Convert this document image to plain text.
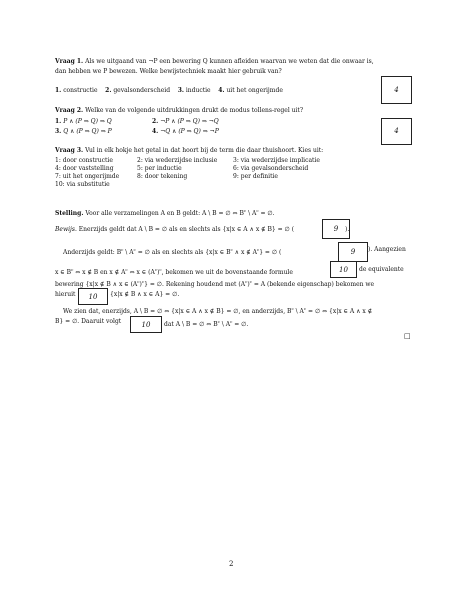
Vraag 1. Als we uitgaand van ¬P een bewering Q kunnen afleiden waarvan we weten dat die onwaar is,
dan hebben we P bewezen. Welke bewijstechniek maakt hier gebruik van?
1. constructie 2. gevalsonderscheid 3. inductie 4. uit het ongerijmde	4
Vraag 2. Welke van de volgende uitdrukkingen drukt de modus tollens-regel uit?
1. P ∧ (P ⇒ Q) ⇒ Q	2. ¬P ∧ (P ⇒ Q) ⇒ ¬Q
3. Q ∧ (P ⇒ Q) ⇒ P	4. ¬Q ∧ (P ⇒ Q) ⇒ ¬P	4
Vraag 3. Vul in elk hokje het getal in dat hoort bij de term die daar thuishoort. Kies uit:
1: door constructie	2: via wederzijdse inclusie	3: via wederzijdse implicatie
4: door vaststelling	5: per inductie	6: via gevalsonderscheid
7: uit het ongerijmde	8: door tekening	9: per definitie
10: via substitutie
Stelling. Voor alle verzamelingen A en B geldt: A \ B = ∅ ⇔ $B^c$ \ $A^c$ = ∅.
Bewijs. Enerzijds geldt dat A \ B = ∅ als en slechts als {x|x ∈ A ∧ x ∉ B} = ∅ (	9	).
Anderzijds geldt: $B^c$ \ $A^c$ = ∅ als en slechts als {x|x ∈ $B^c$ ∧ x ∉ $A^c$} = ∅ (	9	). Aangezien
x ∈ $B^c$ ⇔ x ∉ B en x ∉ $A^c$ ⇔ x ∈ $(A^c)^c$, bekomen we uit de bovenstaande formule	10	de equivalente
bewering {x|x ∉ B ∧ x ∈ $(A^c)^c$} = ∅. Rekening houdend met $(A^c)^c = A$ (bekende eigenschap) bekomen we
hieruit	10	{x|x ∉ B ∧ x ∈ A} = ∅.
We zien dat, enerzijds, A \ B = ∅ ⇔ {x|x ∈ A ∧ x ∉ B} = ∅, en anderzijds, $B^c$ \ $A^c$ = ∅ ⇔ {x|x ∈ A ∧ x ∉
B} = ∅. Daaruit volgt	10	dat A \ B = ∅ ⇔ $B^c$ \ $A^c$ = ∅.
□
2
